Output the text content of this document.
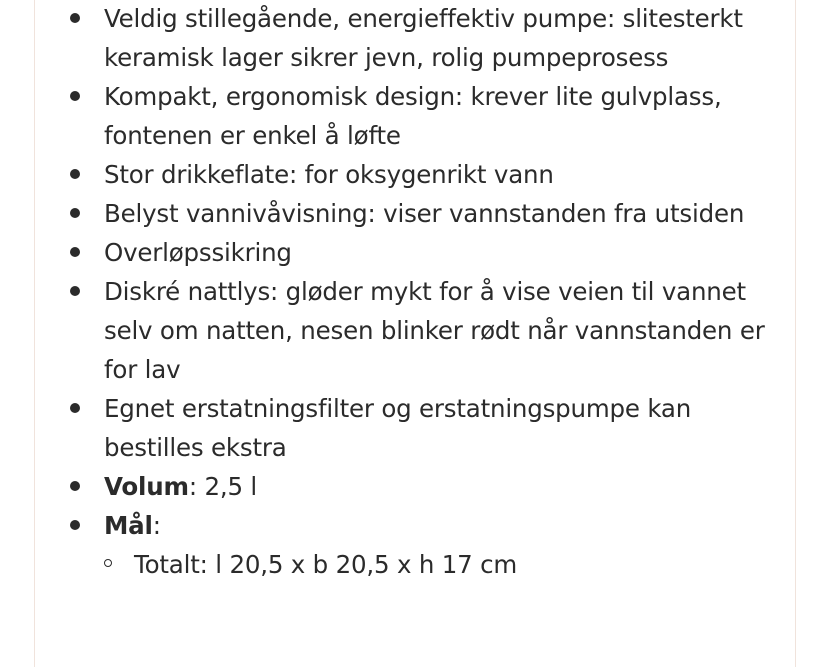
Veldig stillegående, energieffektiv pumpe: slitesterkt keramisk lager sikrer jevn, rolig pumpeprosess
Kompakt, ergonomisk design: krever lite gulvplass, fontenen er enkel å løfte
Stor drikkeflate: for oksygenrikt vann
Belyst vannivåvisning: viser vannstanden fra utsiden
Overløpssikring
Diskré nattlys: gløder mykt for å vise veien til vannet selv om natten, nesen blinker rødt når vannstanden er for lav
Egnet erstatningsfilter og erstatningspumpe kan bestilles ekstra
Volum: 2,5 l
Mål:
Totalt: l 20,5 x b 20,5 x h 17 cm
